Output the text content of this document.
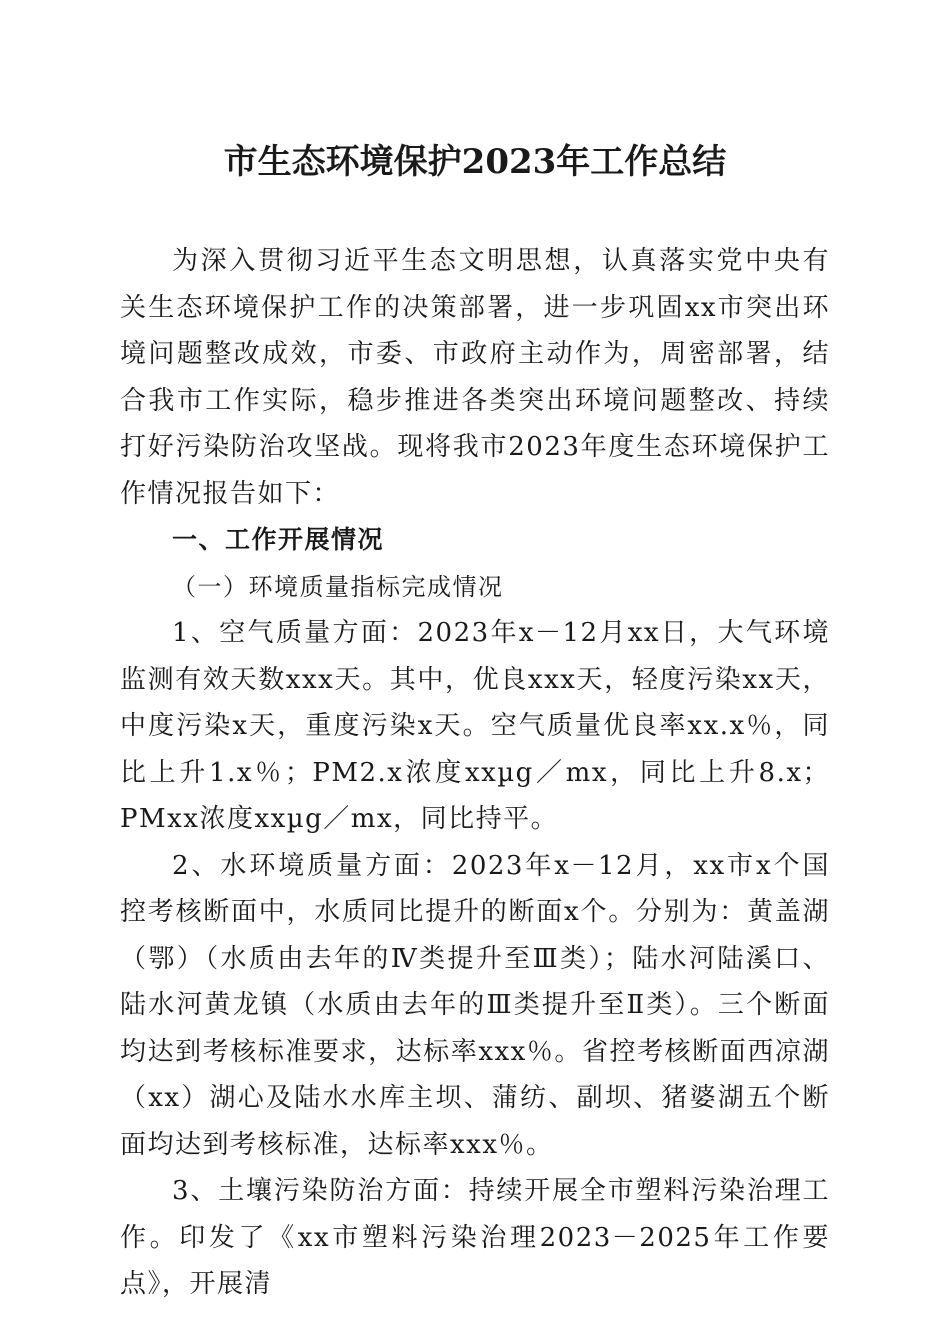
市生态环境保护2023年工作总结

为深入贯彻习近平生态文明思想，认真落实党中央有关生态环境保护工作的决策部署，进一步巩固xx市突出环境问题整改成效，市委、市政府主动作为，周密部署，结合我市工作实际，稳步推进各类突出环境问题整改、持续打好污染防治攻坚战。现将我市2023年度生态环境保护工作情况报告如下：

一、工作开展情况

（一）环境质量指标完成情况

1、空气质量方面：2023年x－12月xx日，大气环境监测有效天数xxx天。其中，优良xxx天，轻度污染xx天，中度污染x天，重度污染x天。空气质量优良率xx.x％，同比上升1.x％；PM2.x浓度xxµg／mx，同比上升8.x；PMxx浓度xxµg／mx，同比持平。

2、水环境质量方面：2023年x－12月，xx市x个国控考核断面中，水质同比提升的断面x个。分别为：黄盖湖（鄂）（水质由去年的Ⅳ类提升至Ⅲ类）；陆水河陆溪口、陆水河黄龙镇（水质由去年的Ⅲ类提升至Ⅱ类）。三个断面均达到考核标准要求，达标率xxx％。省控考核断面西凉湖（xx）湖心及陆水水库主坝、蒲纺、副坝、猪婆湖五个断面均达到考核标准，达标率xxx％。

3、土壤污染防治方面：持续开展全市塑料污染治理工作。印发了《xx市塑料污染治理2023－2025年工作要点》，开展清
